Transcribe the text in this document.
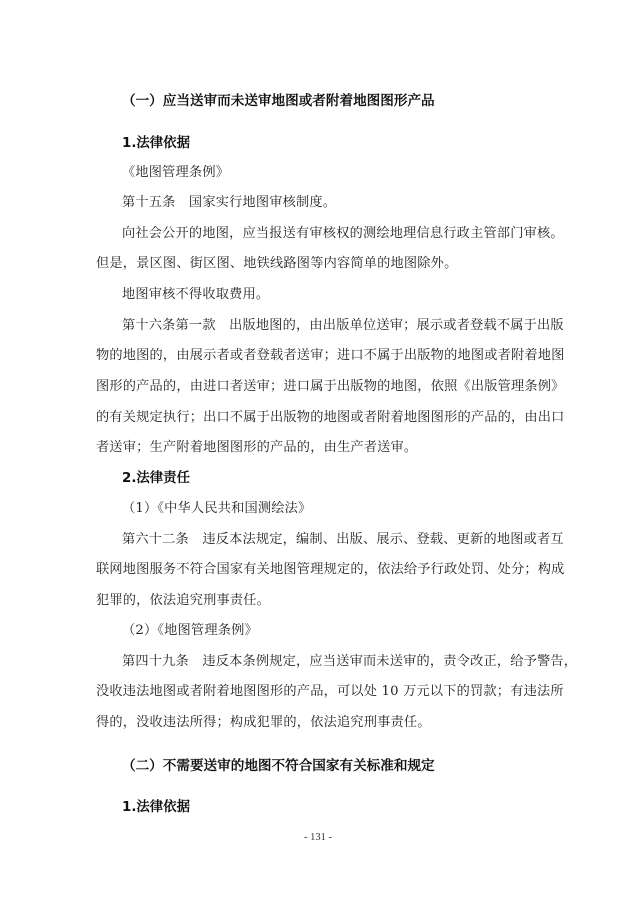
（一）应当送审而未送审地图或者附着地图图形产品
1.法律依据
《地图管理条例》
第十五条　国家实行地图审核制度。
向社会公开的地图，应当报送有审核权的测绘地理信息行政主管部门审核。
但是，景区图、街区图、地铁线路图等内容简单的地图除外。
地图审核不得收取费用。
第十六条第一款　出版地图的，由出版单位送审；展示或者登载不属于出版
物的地图的，由展示者或者登载者送审；进口不属于出版物的地图或者附着地图
图形的产品的，由进口者送审；进口属于出版物的地图，依照《出版管理条例》
的有关规定执行；出口不属于出版物的地图或者附着地图图形的产品的，由出口
者送审；生产附着地图图形的产品的，由生产者送审。
2.法律责任
（1）《中华人民共和国测绘法》
第六十二条　违反本法规定，编制、出版、展示、登载、更新的地图或者互
联网地图服务不符合国家有关地图管理规定的，依法给予行政处罚、处分；构成
犯罪的，依法追究刑事责任。
（2）《地图管理条例》
第四十九条　违反本条例规定，应当送审而未送审的，责令改正，给予警告，
没收违法地图或者附着地图图形的产品，可以处 10 万元以下的罚款；有违法所
得的，没收违法所得；构成犯罪的，依法追究刑事责任。
（二）不需要送审的地图不符合国家有关标准和规定
1.法律依据
- 131 -
